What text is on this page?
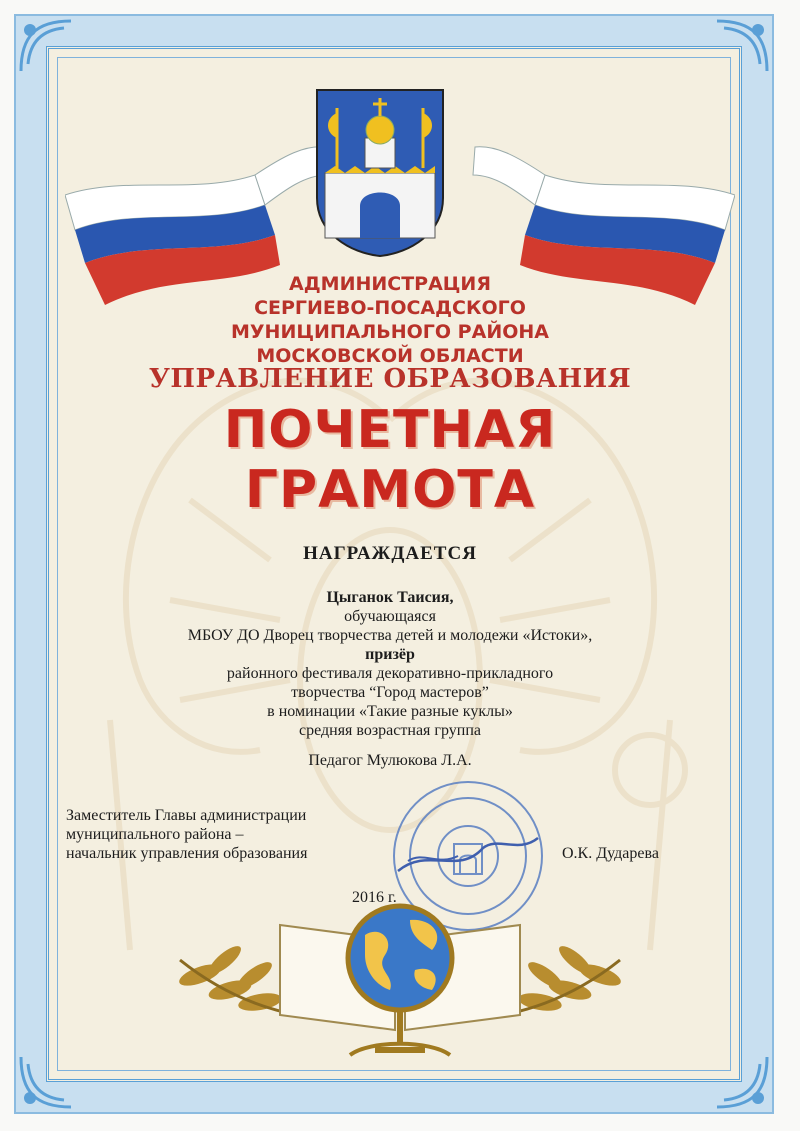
АДМИНИСТРАЦИЯ
СЕРГИЕВО-ПОСАДСКОГО
МУНИЦИПАЛЬНОГО РАЙОНА
МОСКОВСКОЙ ОБЛАСТИ
УПРАВЛЕНИЕ ОБРАЗОВАНИЯ
ПОЧЕТНАЯ
ГРАМОТА
НАГРАЖДАЕТСЯ
Цыганок Таисия,
обучающаяся
МБОУ ДО Дворец творчества детей и молодежи «Истоки»,
призёр
районного фестиваля декоративно-прикладного
творчества “Город мастеров”
в номинации «Такие разные куклы»
средняя возрастная группа
Педагог Мулюкова Л.А.
Заместитель Главы администрации
муниципального района –
начальник управления образования	О.К. Дударева
2016 г.
